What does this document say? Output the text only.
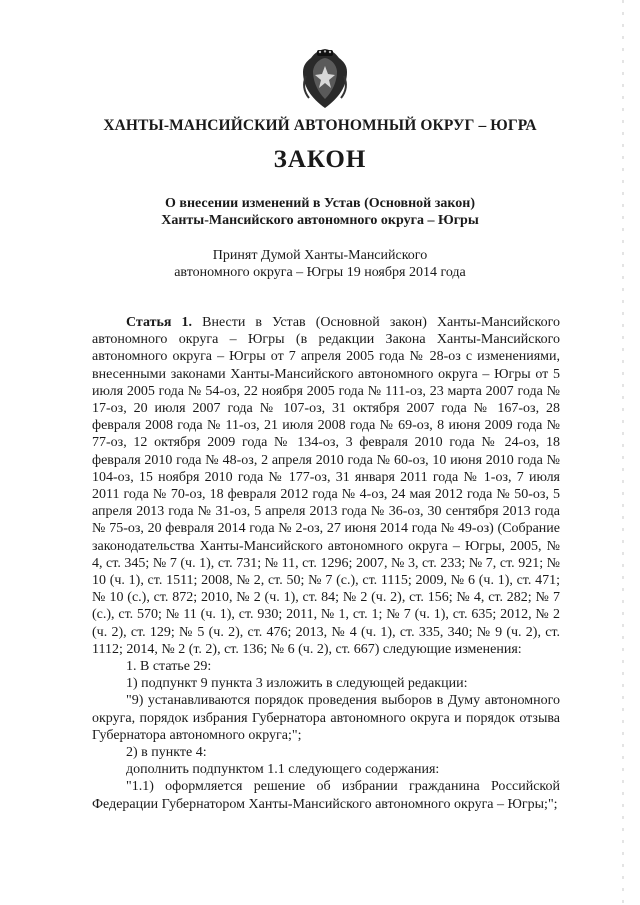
ХАНТЫ-МАНСИЙСКИЙ АВТОНОМНЫЙ ОКРУГ – ЮГРА
ЗАКОН
О внесении изменений в Устав (Основной закон)
Ханты-Мансийского автономного округа – Югры
Принят Думой Ханты-Мансийского
автономного округа – Югры 19 ноября 2014 года

Статья 1. Внести в Устав (Основной закон) Ханты-Мансийского автономного округа – Югры (в редакции Закона Ханты-Мансийского автономного округа – Югры от 7 апреля 2005 года № 28-оз с изменениями, внесенными законами Ханты-Мансийского автономного округа – Югры от 5 июля 2005 года № 54-оз, 22 ноября 2005 года № 111-оз, 23 марта 2007 года № 17-оз, 20 июля 2007 года № 107-оз, 31 октября 2007 года № 167-оз, 28 февраля 2008 года № 11-оз, 21 июля 2008 года № 69-оз, 8 июня 2009 года № 77-оз, 12 октября 2009 года № 134-оз, 3 февраля 2010 года № 24-оз, 18 февраля 2010 года № 48-оз, 2 апреля 2010 года № 60-оз, 10 июня 2010 года № 104-оз, 15 ноября 2010 года № 177-оз, 31 января 2011 года № 1-оз, 7 июля 2011 года № 70-оз, 18 февраля 2012 года № 4-оз, 24 мая 2012 года № 50-оз, 5 апреля 2013 года № 31-оз, 5 апреля 2013 года № 36-оз, 30 сентября 2013 года № 75-оз, 20 февраля 2014 года № 2-оз, 27 июня 2014 года № 49-оз) (Собрание законодательства Ханты-Мансийского автономного округа – Югры, 2005, № 4, ст. 345; № 7 (ч. 1), ст. 731; № 11, ст. 1296; 2007, № 3, ст. 233; № 7, ст. 921; № 10 (ч. 1), ст. 1511; 2008, № 2, ст. 50; № 7 (с.), ст. 1115; 2009, № 6 (ч. 1), ст. 471; № 10 (с.), ст. 872; 2010, № 2 (ч. 1), ст. 84; № 2 (ч. 2), ст. 156; № 4, ст. 282; № 7 (с.), ст. 570; № 11 (ч. 1), ст. 930; 2011, № 1, ст. 1; № 7 (ч. 1), ст. 635; 2012, № 2 (ч. 2), ст. 129; № 5 (ч. 2), ст. 476; 2013, № 4 (ч. 1), ст. 335, 340; № 9 (ч. 2), ст. 1112; 2014, № 2 (т. 2), ст. 136; № 6 (ч. 2), ст. 667) следующие изменения:

1. В статье 29:

1) подпункт 9 пункта 3 изложить в следующей редакции:

"9) устанавливаются порядок проведения выборов в Думу автономного округа, порядок избрания Губернатора автономного округа и порядок отзыва Губернатора автономного округа;";

2) в пункте 4:

дополнить подпунктом 1.1 следующего содержания:

"1.1) оформляется решение об избрании гражданина Российской Федерации Губернатором Ханты-Мансийского автономного округа – Югры;";
